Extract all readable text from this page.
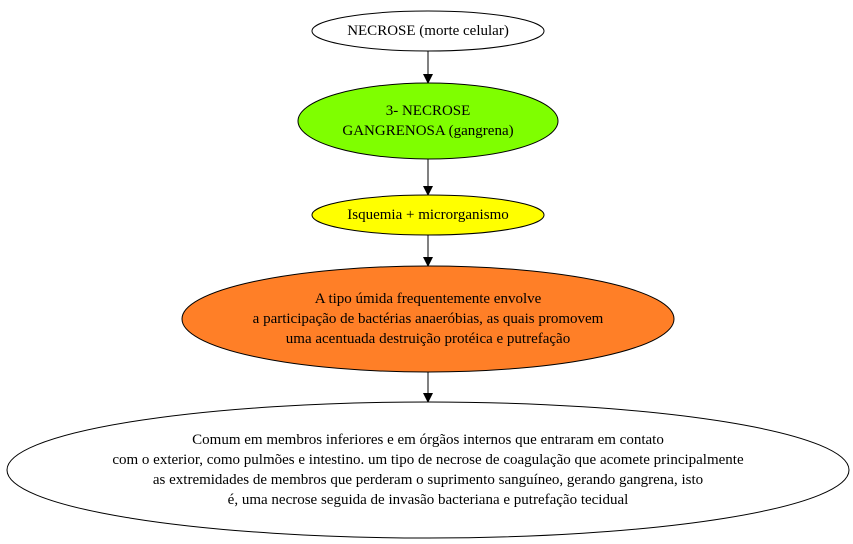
NECROSE (morte celular)
3- NECROSE
GANGRENOSA (gangrena)
Isquemia + microrganismo
A tipo úmida frequentemente envolve
a participação de bactérias anaeróbias, as quais promovem
uma acentuada destruição protéica e putrefação
Comum em membros inferiores e em órgãos internos que entraram em contato
com o exterior, como pulmões e intestino. um tipo de necrose de coagulação que acomete principalmente
as extremidades de membros que perderam o suprimento sanguíneo, gerando gangrena, isto
é, uma necrose seguida de invasão bacteriana e putrefação tecidual
